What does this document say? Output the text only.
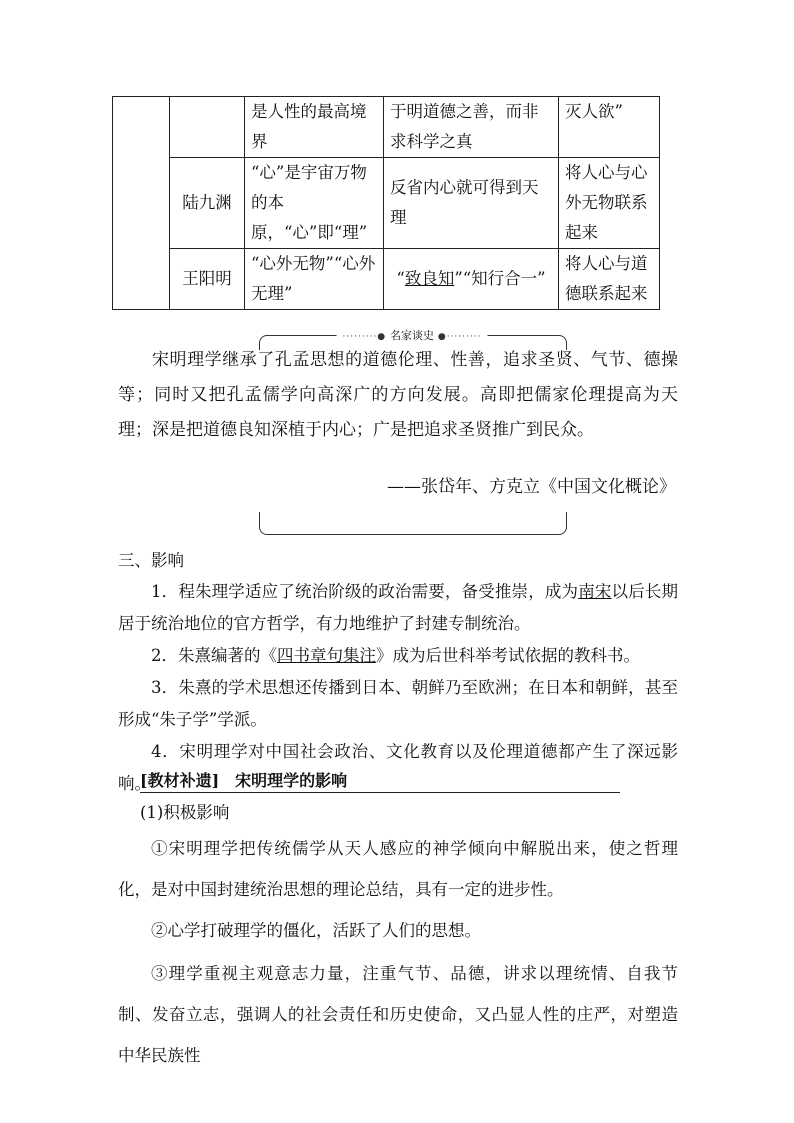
		是人性的最高境界	于明道德之善，而非求科学之真	灭人欲”
	陆九渊	“心”是宇宙万物的本原，“心”即“理”	反省内心就可得到天理	将人心与心外无物联系起来
	王阳明	“心外无物”“心外无理”	“致良知”“知行合一”	将人心与道德联系起来
·········● 名家谈史 ●·········
宋明理学继承了孔孟思想的道德伦理、性善，追求圣贤、气节、德操等；同时又把孔孟儒学向高深广的方向发展。高即把儒家伦理提高为天理；深是把道德良知深植于内心；广是把追求圣贤推广到民众。
——张岱年、方克立《中国文化概论》
三、影响
1．程朱理学适应了统治阶级的政治需要，备受推崇，成为南宋以后长期居于统治地位的官方哲学，有力地维护了封建专制统治。
2．朱熹编著的《四书章句集注》成为后世科举考试依据的教科书。
3．朱熹的学术思想还传播到日本、朝鲜乃至欧洲；在日本和朝鲜，甚至形成“朱子学”学派。
4．宋明理学对中国社会政治、文化教育以及伦理道德都产生了深远影响。
[教材补遗]　宋明理学的影响
(1)积极影响
①宋明理学把传统儒学从天人感应的神学倾向中解脱出来，使之哲理化，是对中国封建统治思想的理论总结，具有一定的进步性。
②心学打破理学的僵化，活跃了人们的思想。
③理学重视主观意志力量，注重气节、品德，讲求以理统情、自我节制、发奋立志，强调人的社会责任和历史使命，又凸显人性的庄严，对塑造中华民族性
